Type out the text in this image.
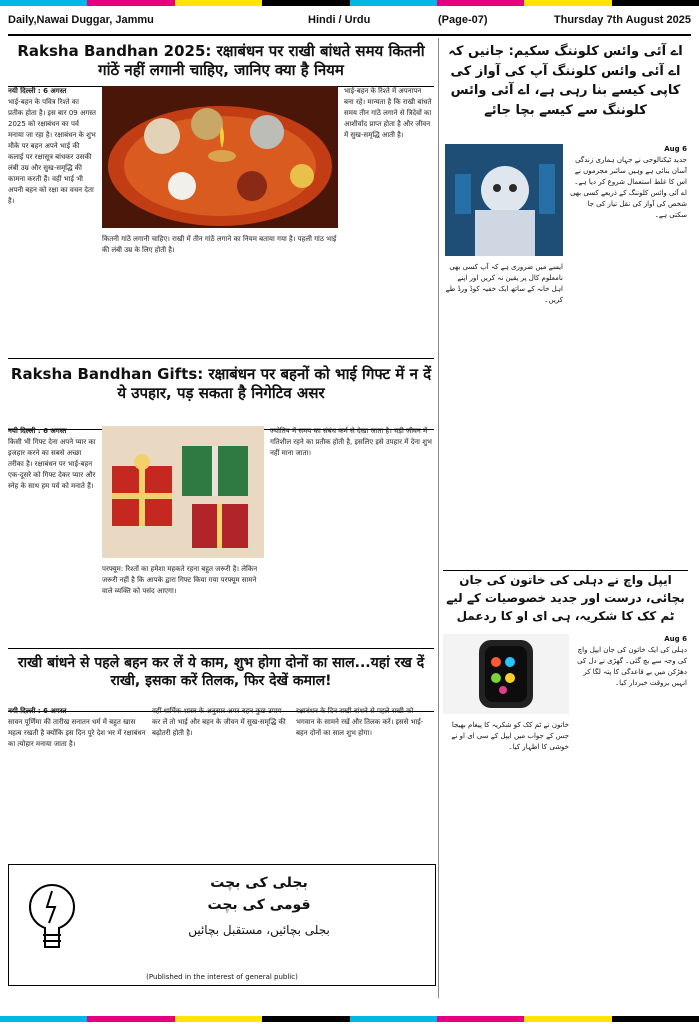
Daily,Nawai Duggar, Jammu	Hindi / Urdu	(Page-07)	Thursday 7th August 2025
Raksha Bandhan 2025: रक्षाबंधन पर राखी बांधते समय कितनी गांठें नहीं लगानी चाहिए, जानिए क्या है नियम
नयी दिल्ली : 6 अगस्त
भाई-बहन के पवित्र रिश्ते का प्रतीक होता है। इस बार 09 अगस्त 2025 को रक्षाबंधन का पर्व मनाया जा रहा है। रक्षाबंधन के शुभ मौके पर बहन अपने भाई की कलाई पर रक्षासूत्र बांधकर उसकी लंबी उम्र और सुख-समृद्धि की कामना करती हैं। वहीं भाई भी अपनी बहन को रक्षा का वचन देता है।
कितनी गांठें लगानी चाहिए। राखी में तीन गांठें लगाने का नियम बताया गया है। पहली गांठ भाई की लंबी उम्र के लिए होती है।
भाई-बहन के रिश्ते में अपनापन बना रहे। मान्यता है कि राखी बांधते समय तीन गांठें लगाने से त्रिदेवों का आशीर्वाद प्राप्त होता है और जीवन में सुख-समृद्धि आती है।
Raksha Bandhan Gifts: रक्षाबंधन पर बहनों को भाई गिफ्ट में न दें ये उपहार, पड़ सकता है निगेटिव असर
नयी दिल्ली : 6 अगस्त
किसी भी गिफ्ट देना अपने प्यार का इजहार करने का सबसे अच्छा तरीका है। रक्षाबंधन पर भाई-बहन एक-दूसरे को गिफ्ट देकर प्यार और स्नेह के साथ हम पर्व को मनाते हैं।
परफ्यूम: रिश्तों का हमेशा महकते रहना बहुत जरूरी है। लेकिन जरूरी नहीं है कि आपके द्वारा गिफ्ट किया गया परफ्यूम सामने वाले व्यक्ति को पसंद आएगा।
ज्योतिष में समय का संबंध कर्म से देखा जाता है। घड़ी जीवन में गतिशील रहने का प्रतीक होती है, इसलिए इसे उपहार में देना शुभ नहीं माना जाता।
राखी बांधने से पहले बहन कर लें ये काम, शुभ होगा दोनों का साल...यहां रख दें राखी, इसका करें तिलक, फिर देखें कमाल!
नयी दिल्ली : 6 अगस्त
सावन पूर्णिमा की तारीख सनातन धर्म में बहुत खास महत्व रखती है क्योंकि इस दिन पूरे देश भर में रक्षाबंधन का त्योहार मनाया जाता है।
वहीं धार्मिक शास्त्र के अनुसार अगर बहन कुछ उपाय कर लें तो भाई और बहन के जीवन में सुख-समृद्धि की बढ़ोतरी होती है।
रक्षाबंधन के दिन राखी बांधने से पहले राखी को भगवान के सामने रखें और तिलक करें। इससे भाई-बहन दोनों का साल शुभ होगा।
بجلی کی بچت
قومی کی بچت
بجلی بچائیں، مستقبل بچائیں
(Published in the interest of general public)
اے آئی وائس کلوننگ سکیم: جانیں کہ اے آئی وائس کلوننگ آپ کی آواز کی کاپی کیسے بنا رہی ہے، اے آئی وائس کلوننگ سے کیسے بچا جائے
6 Aug
جدید ٹیکنالوجی نے جہاں ہماری زندگی آسان بنائی ہے وہیں سائبر مجرموں نے اس کا غلط استعمال شروع کر دیا ہے۔ اے آئی وائس کلوننگ کے ذریعے کسی بھی شخص کی آواز کی نقل تیار کی جا سکتی ہے۔
ایسے میں ضروری ہے کہ آپ کسی بھی نامعلوم کال پر یقین نہ کریں اور اپنے اہل خانہ کے ساتھ ایک خفیہ کوڈ ورڈ طے کریں۔
ایپل واچ نے دہلی کی خاتون کی جان بچائی، درست اور جدید خصوصیات کے لیے ٹم کک کا شکریہ، ہی ای او کا ردعمل
6 Aug
دہلی کی ایک خاتون کی جان ایپل واچ کی وجہ سے بچ گئی۔ گھڑی نے دل کی دھڑکن میں بے قاعدگی کا پتہ لگا کر انہیں بروقت خبردار کیا۔
خاتون نے ٹم کک کو شکریہ کا پیغام بھیجا جس کے جواب میں ایپل کے سی ای او نے خوشی کا اظہار کیا۔
